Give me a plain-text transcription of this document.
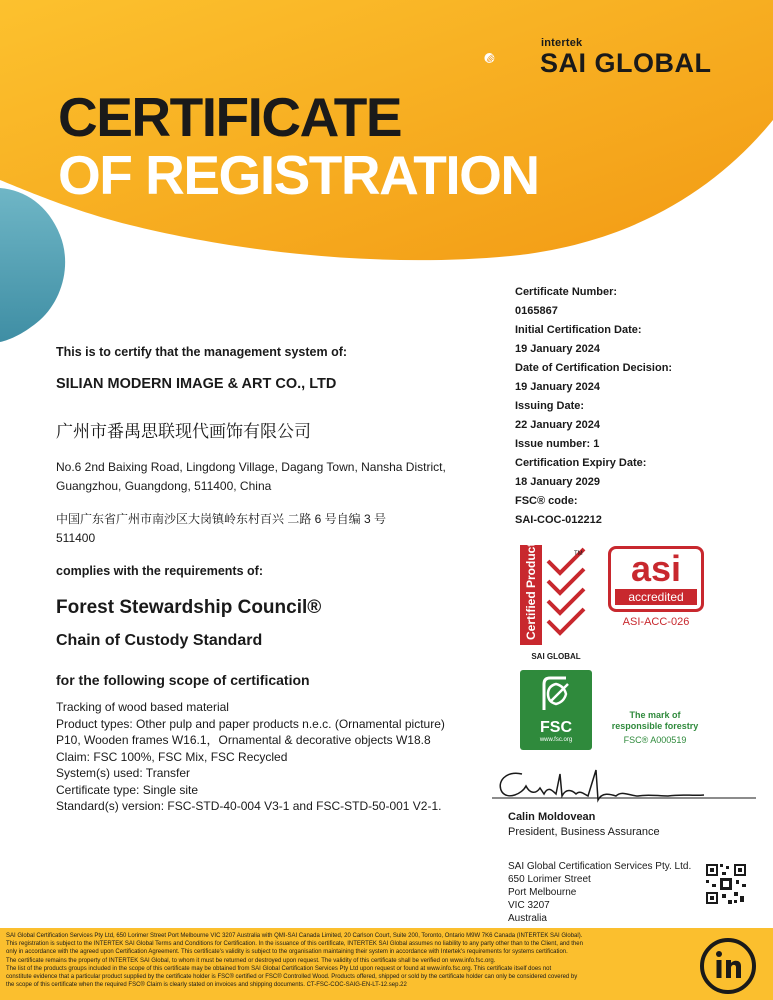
intertek
SAI GLOBAL
CERTIFICATE
OF REGISTRATION
Certificate Number:
0165867
Initial Certification Date:
19 January 2024
Date of Certification Decision:
19 January 2024
Issuing Date:
22 January 2024
Issue number: 1
Certification Expiry Date:
18 January 2029
FSC® code:
SAI-COC-012212
This is to certify that the management system of:
SILIAN MODERN IMAGE & ART CO., LTD
广州市番禺思联现代画饰有限公司
No.6 2nd Baixing Road, Lingdong Village, Dagang Town, Nansha District,
Guangzhou, Guangdong, 511400, China
中国广东省广州市南沙区大岗镇岭东村百兴 二路 6 号自编 3 号
511400
complies with the requirements of:
Forest Stewardship Council®
Chain of Custody Standard
for the following scope of certification
Tracking of wood based material
Product types: Other pulp and paper products n.e.c. (Ornamental picture)
P10, Wooden frames W16.1，Ornamental & decorative objects W18.8
Claim: FSC 100%, FSC Mix, FSC Recycled
System(s) used: Transfer
Certificate type: Single site
Standard(s) version: FSC-STD-40-004 V3-1 and FSC-STD-50-001 V2-1.
Certified Product	TM
SAI GLOBAL
asi
accredited
ASI-ACC-026
FSC
www.fsc.org
The mark of
responsible forestry
FSC® A000519
Calin Moldovean
President, Business Assurance
SAI Global Certification Services Pty. Ltd.
650 Lorimer Street
Port Melbourne
VIC 3207
Australia
SAI Global Certification Services Pty Ltd, 650 Lorimer Street Port Melbourne VIC 3207 Australia with QMI-SAI Canada Limited, 20 Carlson Court, Suite 200, Toronto, Ontario M9W 7K6 Canada (INTERTEK SAI Global).
This registration is subject to the INTERTEK SAI Global Terms and Conditions for Certification. In the issuance of this certificate, INTERTEK SAI Global assumes no liability to any party other than to the Client, and then
only in accordance with the agreed upon Certification Agreement. This certificate's validity is subject to the organisation maintaining their system in accordance with Intertek's requirements for systems certification.
The certificate remains the property of INTERTEK SAI Global, to whom it must be returned or destroyed upon request. The validity of this certificate shall be verified on www.info.fsc.org.
The list of the products groups included in the scope of this certificate may be obtained from SAI Global Certification Services Pty Ltd upon request or found at www.info.fsc.org. This certificate itself does not
constitute evidence that a particular product supplied by the certificate holder is FSC® certified or FSC® Controlled Wood. Products offered, shipped or sold by the certificate holder can only be considered covered by
the scope of this certificate when the required FSC® Claim is clearly stated on invoices and shipping documents. CT-FSC-COC-SAIG-EN-LT-12.sep.22
